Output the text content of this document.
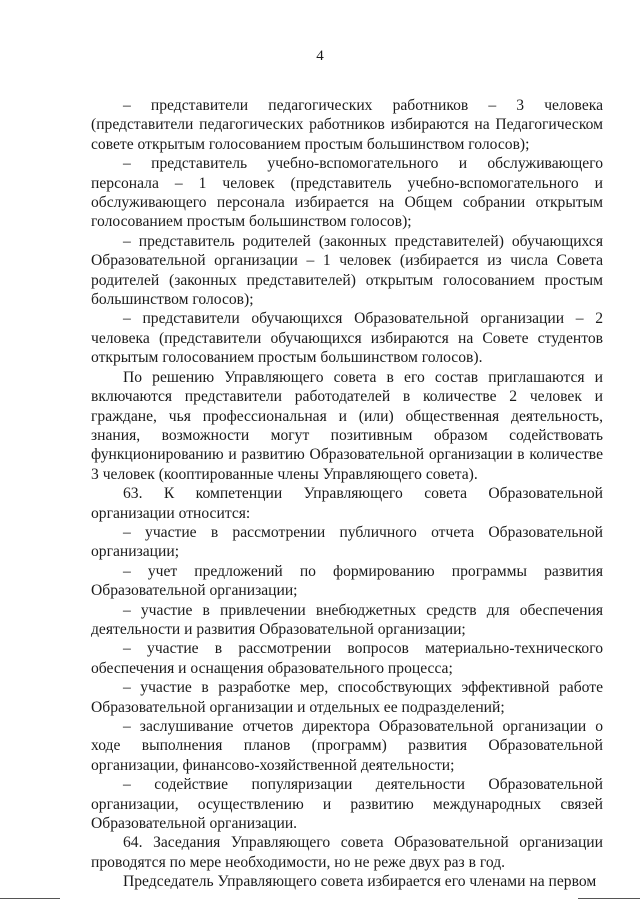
4

– представители педагогических работников – 3 человека (представители педагогических работников избираются на Педагогическом совете открытым голосованием простым большинством голосов);

– представитель учебно-вспомогательного и обслуживающего персонала – 1 человек (представитель учебно-вспомогательного и обслуживающего персонала избирается на Общем собрании открытым голосованием простым большинством голосов);

– представитель родителей (законных представителей) обучающихся Образовательной организации – 1 человек (избирается из числа Совета родителей (законных представителей) открытым голосованием простым большинством голосов);

– представители обучающихся Образовательной организации – 2 человека (представители обучающихся избираются на Совете студентов открытым голосованием простым большинством голосов).

По решению Управляющего совета в его состав приглашаются и включаются представители работодателей в количестве 2 человек и граждане, чья профессиональная и (или) общественная деятельность, знания, возможности могут позитивным образом содействовать функционированию и развитию Образовательной организации в количестве 3 человек (кооптированные члены Управляющего совета).

63. К компетенции Управляющего совета Образовательной организации относится:

– участие в рассмотрении публичного отчета Образовательной организации;

– учет предложений по формированию программы развития Образовательной организации;

– участие в привлечении внебюджетных средств для обеспечения деятельности и развития Образовательной организации;

– участие в рассмотрении вопросов материально-технического обеспечения и оснащения образовательного процесса;

– участие в разработке мер, способствующих эффективной работе Образовательной организации и отдельных ее подразделений;

– заслушивание отчетов директора Образовательной организации о ходе выполнения планов (программ) развития Образовательной организации, финансово-хозяйственной деятельности;

– содействие популяризации деятельности Образовательной организации, осуществлению и развитию международных связей Образовательной организации.

64. Заседания Управляющего совета Образовательной организации проводятся по мере необходимости, но не реже двух раз в год.

Председатель Управляющего совета избирается его членами на первом
